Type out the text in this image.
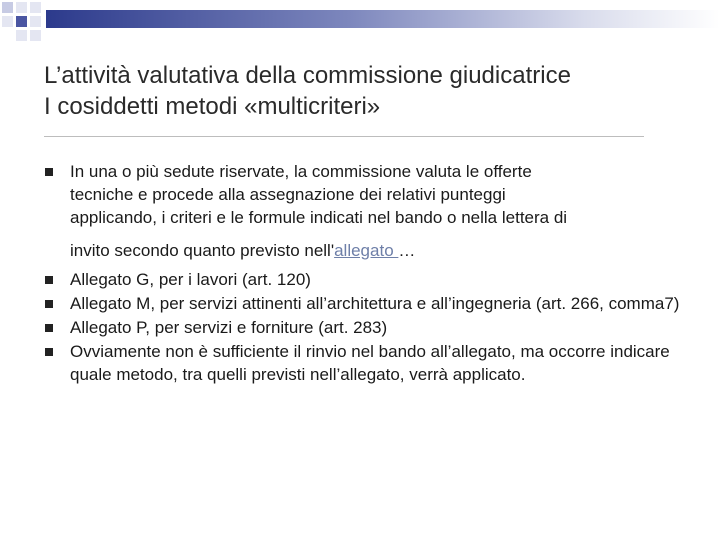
L’attività valutativa della commissione giudicatrice
I cosiddetti metodi «multicriteri»
In una o più sedute riservate, la commissione valuta le offerte
tecniche e procede alla assegnazione dei relativi punteggi
applicando, i criteri e le formule indicati nel bando o nella lettera di

invito secondo quanto previsto nell'allegato …
Allegato G, per i lavori (art. 120)
Allegato M, per servizi attinenti all’architettura e all’ingegneria (art. 266, comma7)
Allegato P, per servizi e forniture (art. 283)
Ovviamente non è sufficiente il rinvio nel bando all’allegato, ma occorre indicare quale metodo, tra quelli previsti nell’allegato, verrà applicato.
